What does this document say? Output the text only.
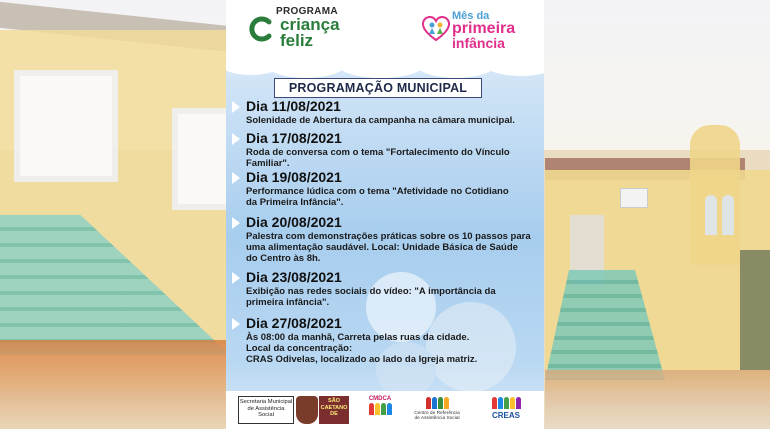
PROGRAMA
criança
feliz
Mês da
primeira
infância
PROGRAMAÇÃO MUNICIPAL
Dia 11/08/2021
Solenidade de Abertura da campanha na câmara municipal.
Dia 17/08/2021
Roda de conversa com o tema "Fortalecimento do Vínculo
Familiar".
Dia 19/08/2021
Performance lúdica com o tema "Afetividade no Cotidiano
da Primeira Infância".
Dia 20/08/2021
Palestra com demonstrações práticas sobre os 10 passos para
uma alimentação saudável. Local: Unidade Básica de Saúde
do Centro às 8h.
Dia 23/08/2021
Exibição nas redes sociais do vídeo: "A importância da
primeira infância".
Dia 27/08/2021
Às 08:00 da manhã, Carreta pelas ruas da cidade.
Local da concentração:
CRAS Odivelas, localizado ao lado da Igreja matriz.
Secretaria Municipal
de Assistência Social
SÃO
CAETANO
DE
CMDCA
Centro de Referência
de Assistência Social	CREAS
